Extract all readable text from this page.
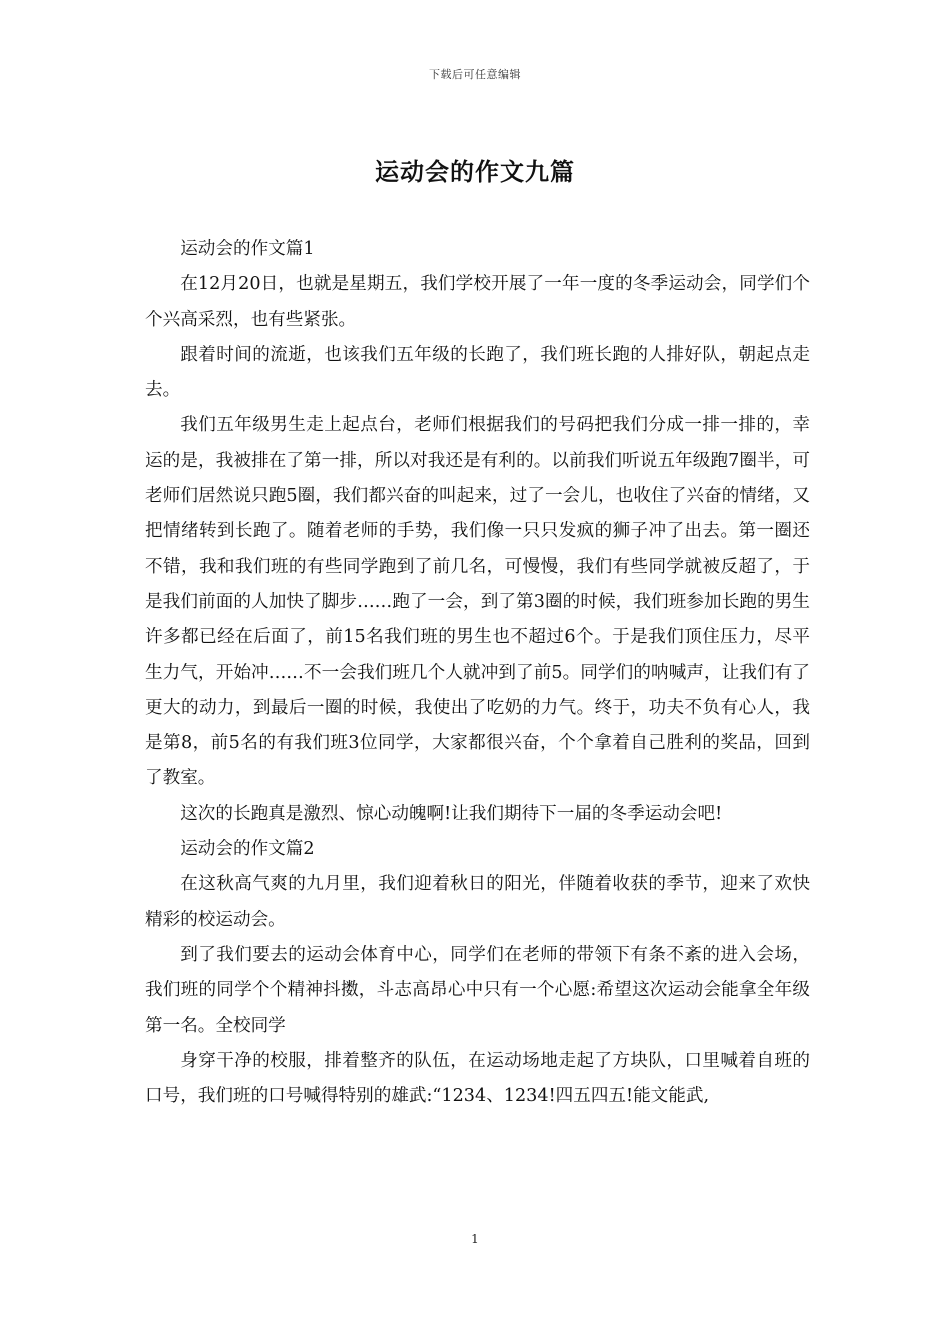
下载后可任意编辑
运动会的作文九篇

运动会的作文篇1

在12月20日，也就是星期五，我们学校开展了一年一度的冬季运动会，同学们个个兴高采烈，也有些紧张。

跟着时间的流逝，也该我们五年级的长跑了，我们班长跑的人排好队，朝起点走去。

我们五年级男生走上起点台，老师们根据我们的号码把我们分成一排一排的，幸运的是，我被排在了第一排，所以对我还是有利的。以前我们听说五年级跑7圈半，可老师们居然说只跑5圈，我们都兴奋的叫起来，过了一会儿，也收住了兴奋的情绪，又把情绪转到长跑了。随着老师的手势，我们像一只只发疯的狮子冲了出去。第一圈还不错，我和我们班的有些同学跑到了前几名，可慢慢，我们有些同学就被反超了，于是我们前面的人加快了脚步……跑了一会，到了第3圈的时候，我们班参加长跑的男生许多都已经在后面了，前15名我们班的男生也不超过6个。于是我们顶住压力，尽平生力气，开始冲……不一会我们班几个人就冲到了前5。同学们的呐喊声，让我们有了更大的动力，到最后一圈的时候，我使出了吃奶的力气。终于，功夫不负有心人，我是第8，前5名的有我们班3位同学，大家都很兴奋，个个拿着自己胜利的奖品，回到了教室。

这次的长跑真是激烈、惊心动魄啊!让我们期待下一届的冬季运动会吧!

运动会的作文篇2

在这秋高气爽的九月里，我们迎着秋日的阳光，伴随着收获的季节，迎来了欢快精彩的校运动会。

到了我们要去的运动会体育中心，同学们在老师的带领下有条不紊的进入会场，我们班的同学个个精神抖擞，斗志高昂心中只有一个心愿:希望这次运动会能拿全年级第一名。全校同学

身穿干净的校服，排着整齐的队伍，在运动场地走起了方块队，口里喊着自班的口号，我们班的口号喊得特别的雄武:“1234、1234!四五四五!能文能武,

1
